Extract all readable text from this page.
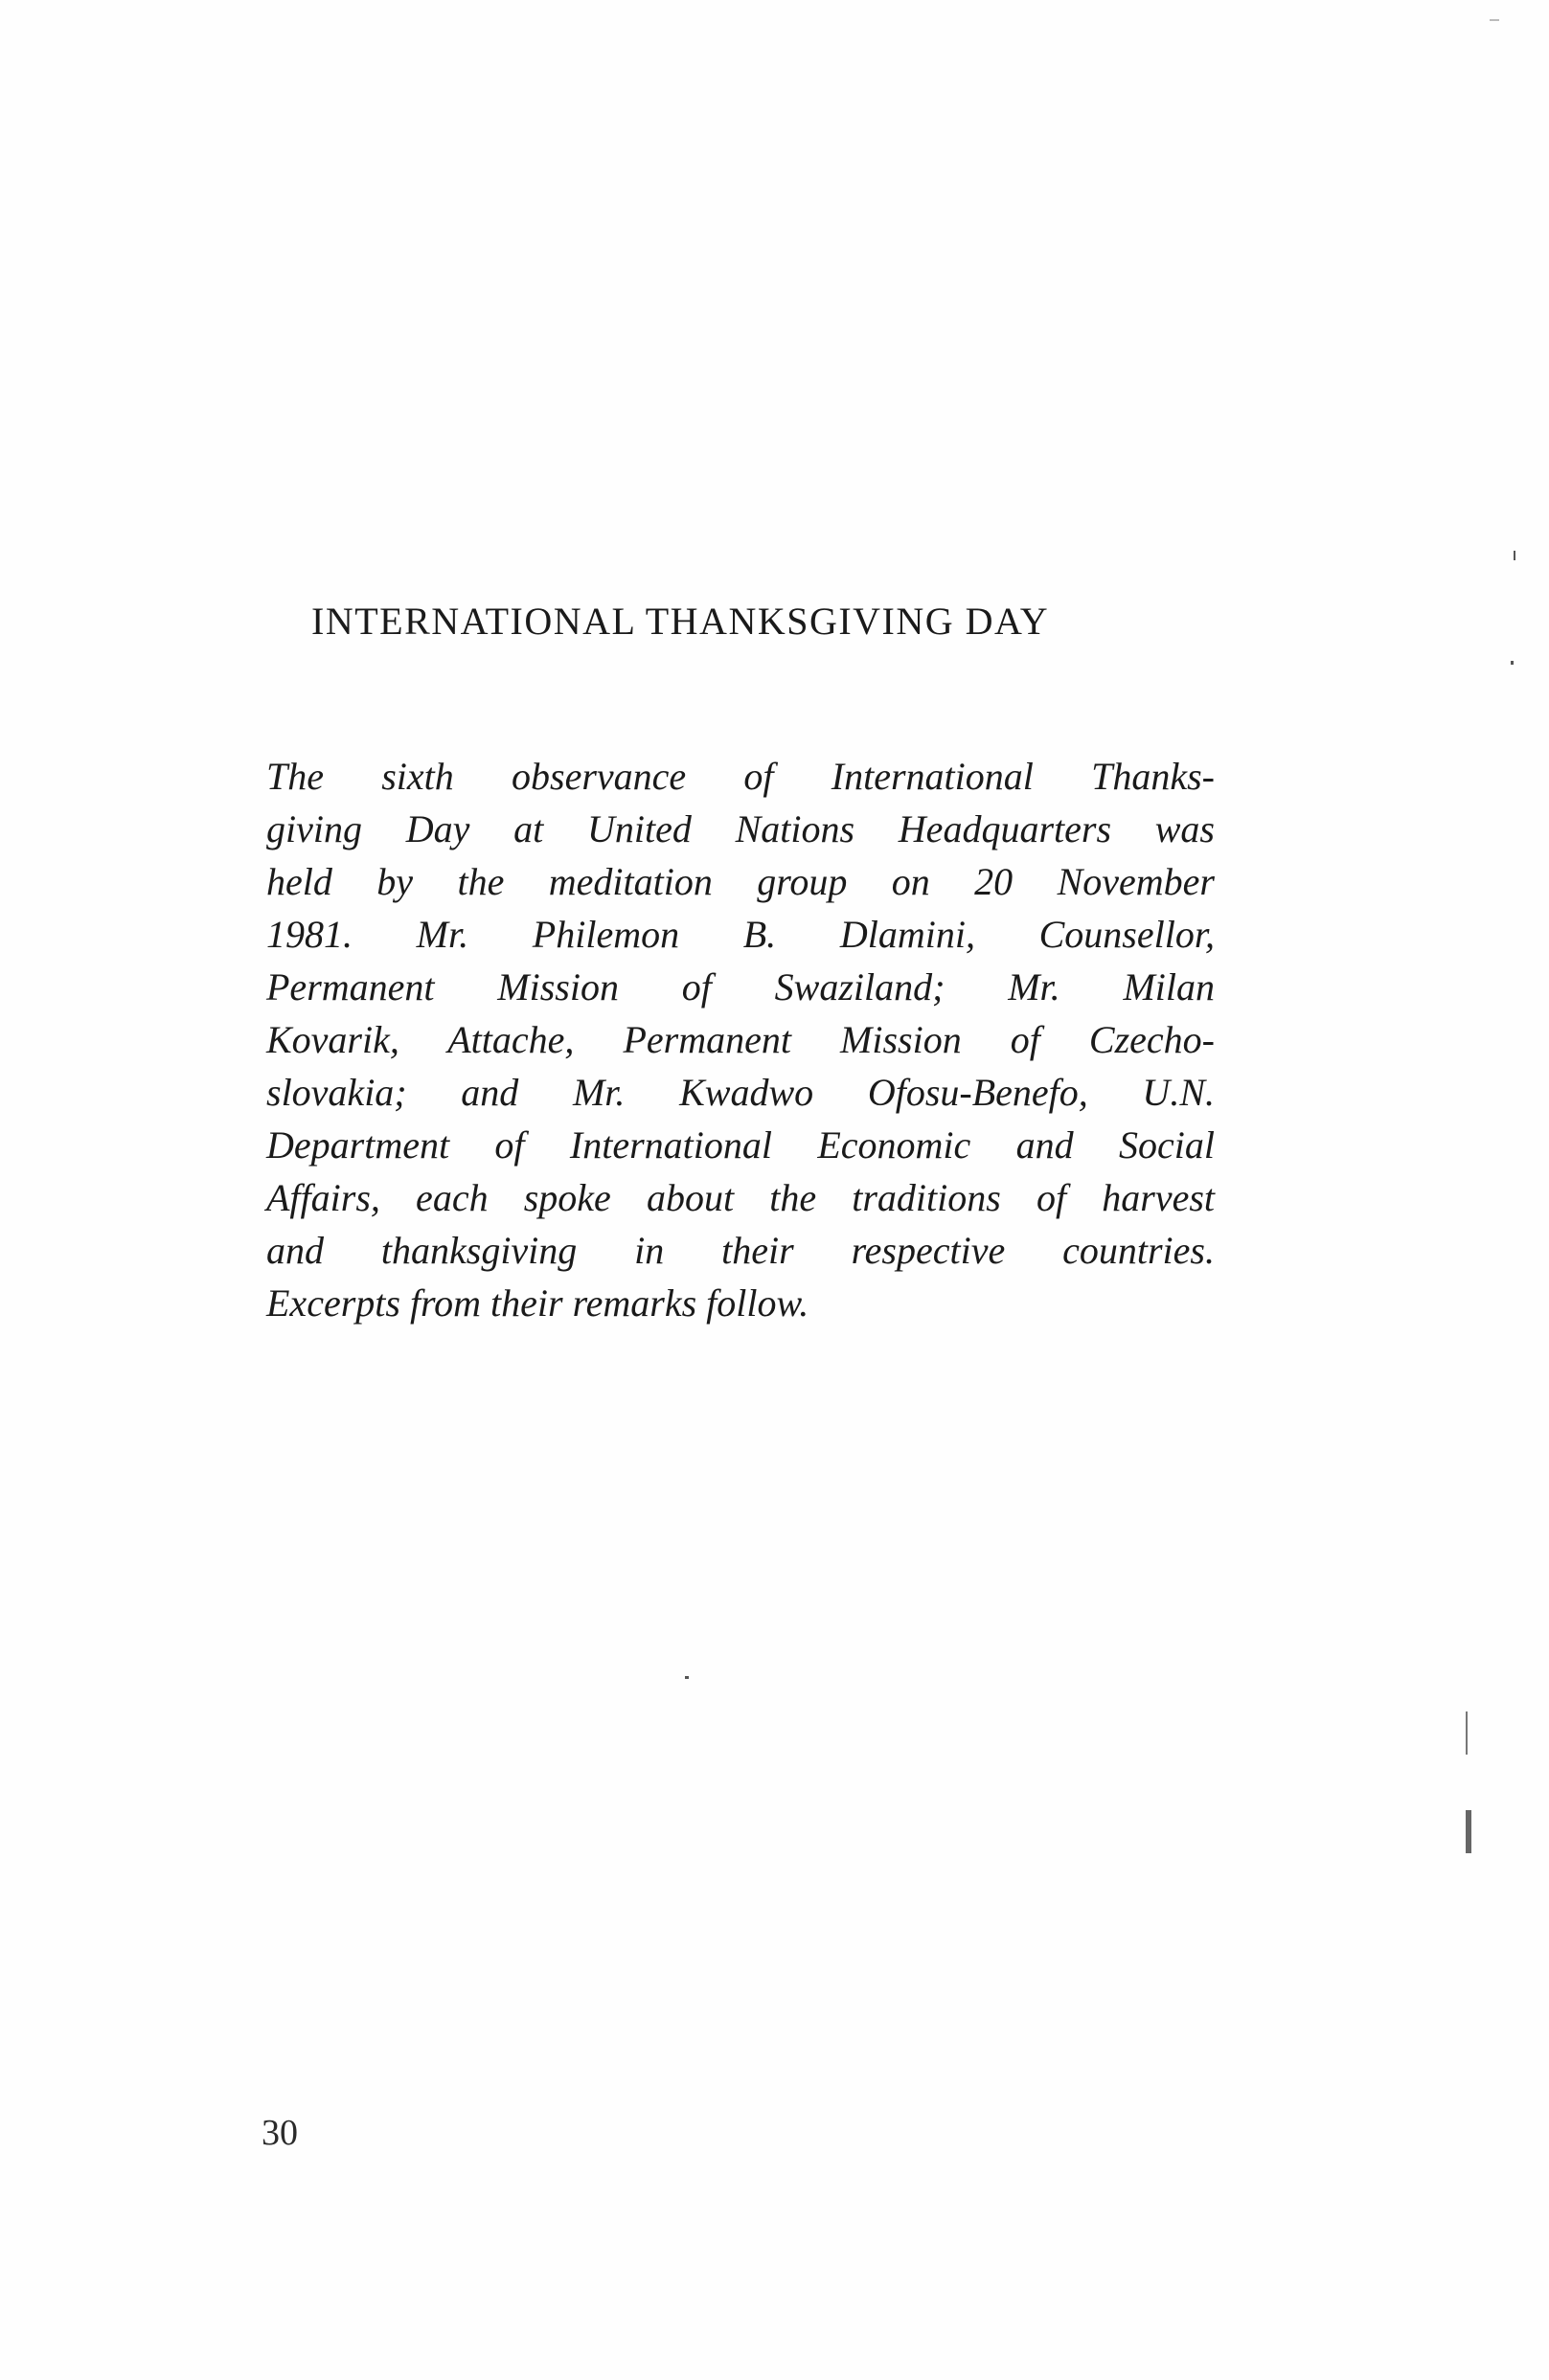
INTERNATIONAL THANKSGIVING DAY
The sixth observance of International Thanks-
giving Day at United Nations Headquarters was
held by the meditation group on 20 November
1981. Mr. Philemon B. Dlamini, Counsellor,
Permanent Mission of Swaziland; Mr. Milan
Kovarik, Attache, Permanent Mission of Czecho-
slovakia; and Mr. Kwadwo Ofosu-Benefo, U.N.
Department of International Economic and Social
Affairs, each spoke about the traditions of harvest
and thanksgiving in their respective countries.
Excerpts from their remarks follow.
30
